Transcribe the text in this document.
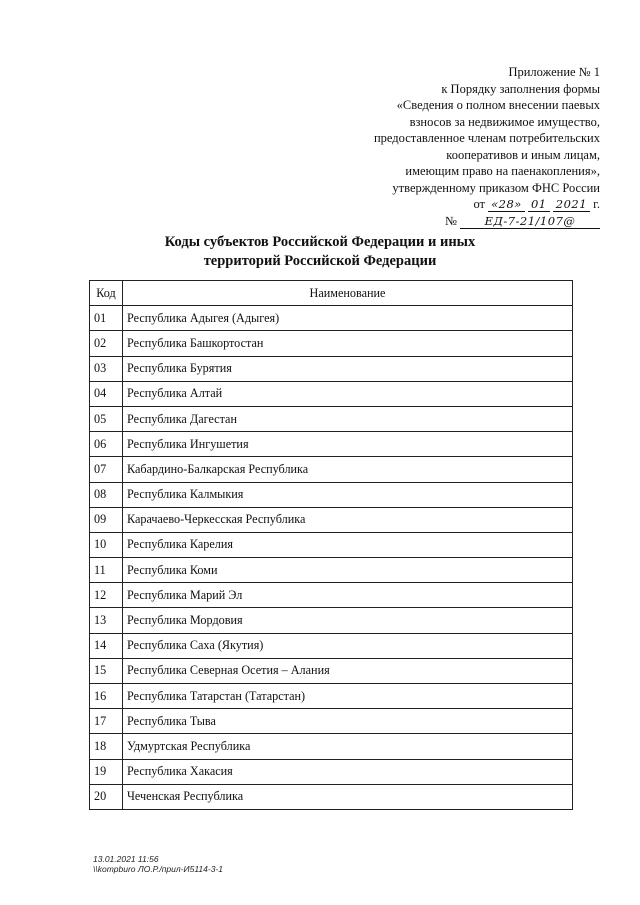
Приложение № 1
к Порядку заполнения формы
«Сведения о полном внесении паевых
взносов за недвижимое имущество,
предоставленное членам потребительских
кооперативов и иным лицам,
имеющим право на паенакопления»,
утвержденному приказом ФНС России
от «28» 01 2021 г.
№ ЕД-7-21/107@
Коды субъектов Российской Федерации и иных
территорий Российской Федерации
Код	Наименование
01	Республика Адыгея (Адыгея)
02	Республика Башкортостан
03	Республика Бурятия
04	Республика Алтай
05	Республика Дагестан
06	Республика Ингушетия
07	Кабардино-Балкарская Республика
08	Республика Калмыкия
09	Карачаево-Черкесская Республика
10	Республика Карелия
11	Республика Коми
12	Республика Марий Эл
13	Республика Мордовия
14	Республика Саха (Якутия)
15	Республика Северная Осетия – Алания
16	Республика Татарстан (Татарстан)
17	Республика Тыва
18	Удмуртская Республика
19	Республика Хакасия
20	Чеченская Республика
13.01.2021 11:56
\\kompburo ЛО.Р./прил-И5114-3-1
